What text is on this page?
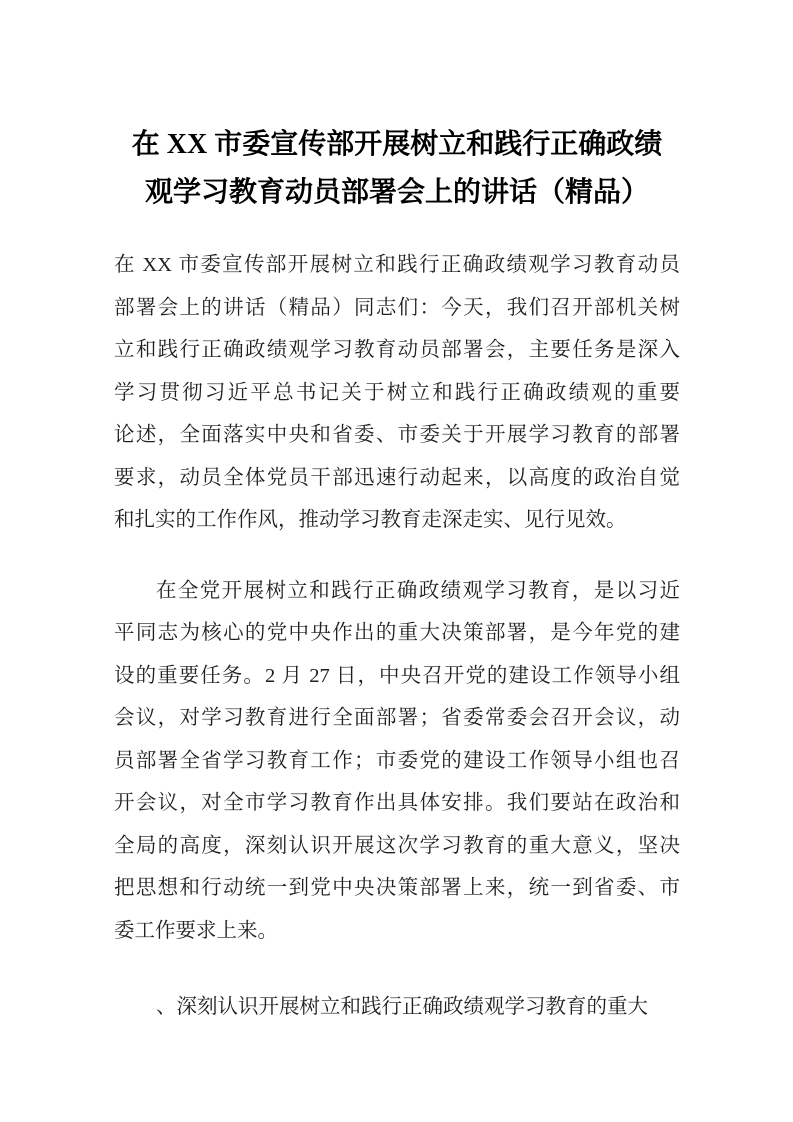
在 XX 市委宣传部开展树立和践行正确政绩
观学习教育动员部署会上的讲话（精品）
在 XX 市委宣传部开展树立和践行正确政绩观学习教育动员
部署会上的讲话（精品）同志们：今天，我们召开部机关树
立和践行正确政绩观学习教育动员部署会，主要任务是深入
学习贯彻习近平总书记关于树立和践行正确政绩观的重要
论述，全面落实中央和省委、市委关于开展学习教育的部署
要求，动员全体党员干部迅速行动起来，以高度的政治自觉
和扎实的工作作风，推动学习教育走深走实、见行见效。
在全党开展树立和践行正确政绩观学习教育，是以习近
平同志为核心的党中央作出的重大决策部署，是今年党的建
设的重要任务。2 月 27 日，中央召开党的建设工作领导小组
会议，对学习教育进行全面部署；省委常委会召开会议，动
员部署全省学习教育工作；市委党的建设工作领导小组也召
开会议，对全市学习教育作出具体安排。我们要站在政治和
全局的高度，深刻认识开展这次学习教育的重大意义，坚决
把思想和行动统一到党中央决策部署上来，统一到省委、市
委工作要求上来。
、深刻认识开展树立和践行正确政绩观学习教育的重大
